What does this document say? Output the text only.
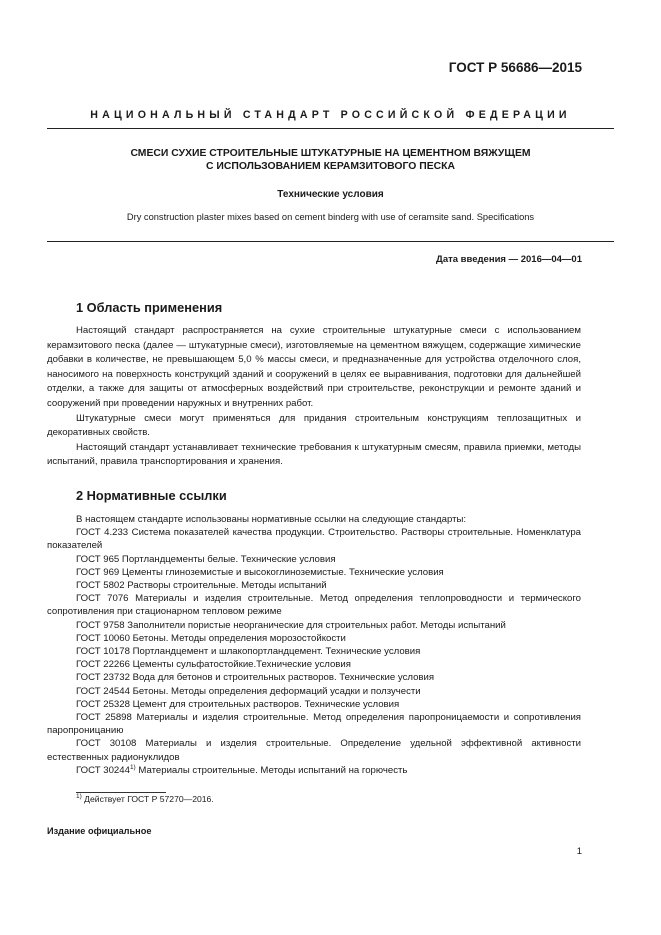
ГОСТ Р 56686—2015
НАЦИОНАЛЬНЫЙ СТАНДАРТ РОССИЙСКОЙ ФЕДЕРАЦИИ
СМЕСИ СУХИЕ СТРОИТЕЛЬНЫЕ ШТУКАТУРНЫЕ НА ЦЕМЕНТНОМ ВЯЖУЩЕМ
С ИСПОЛЬЗОВАНИЕМ КЕРАМЗИТОВОГО ПЕСКА
Технические условия
Dry construction plaster mixes based on cement binderg with use of ceramsite sand. Specifications
Дата введения — 2016—04—01
1 Область применения

Настоящий стандарт распространяется на сухие строительные штукатурные смеси с использованием керамзитового песка (далее — штукатурные смеси), изготовляемые на цементном вяжущем, содержащие химические добавки в количестве, не превышающем 5,0 % массы смеси, и предназначенные для устройства отделочного слоя, наносимого на поверхность конструкций зданий и сооружений в целях ее выравнивания, подготовки для дальнейшей отделки, а также для защиты от атмосферных воздействий при строительстве, реконструкции и ремонте зданий и сооружений при проведении наружных и внутренних работ.

Штукатурные смеси могут применяться для придания строительным конструкциям теплозащитных и декоративных свойств.

Настоящий стандарт устанавливает технические требования к штукатурным смесям, правила приемки, методы испытаний, правила транспортирования и хранения.

2 Нормативные ссылки

В настоящем стандарте использованы нормативные ссылки на следующие стандарты:

ГОСТ 4.233 Система показателей качества продукции. Строительство. Растворы строительные. Номенклатура показателей

ГОСТ 965 Портландцементы белые. Технические условия

ГОСТ 969 Цементы глиноземистые и высокоглиноземистые. Технические условия

ГОСТ 5802 Растворы строительные. Методы испытаний

ГОСТ 7076 Материалы и изделия строительные. Метод определения теплопроводности и термического сопротивления при стационарном тепловом режиме

ГОСТ 9758 Заполнители пористые неорганические для строительных работ. Методы испытаний

ГОСТ 10060 Бетоны. Методы определения морозостойкости

ГОСТ 10178 Портландцемент и шлакопортландцемент. Технические условия

ГОСТ 22266 Цементы сульфатостойкие.Технические условия

ГОСТ 23732 Вода для бетонов и строительных растворов. Технические условия

ГОСТ 24544 Бетоны. Методы определения деформаций усадки и ползучести

ГОСТ 25328 Цемент для строительных растворов. Технические условия

ГОСТ 25898 Материалы и изделия строительные. Метод определения паропроницаемости и сопротивления паропроницанию

ГОСТ 30108 Материалы и изделия строительные. Определение удельной эффективной активности естественных радионуклидов

ГОСТ 30244$^{1)}$ Материалы строительные. Методы испытаний на горючесть

$^{1)}$ Действует ГОСТ Р 57270—2016.
Издание официальное
1
